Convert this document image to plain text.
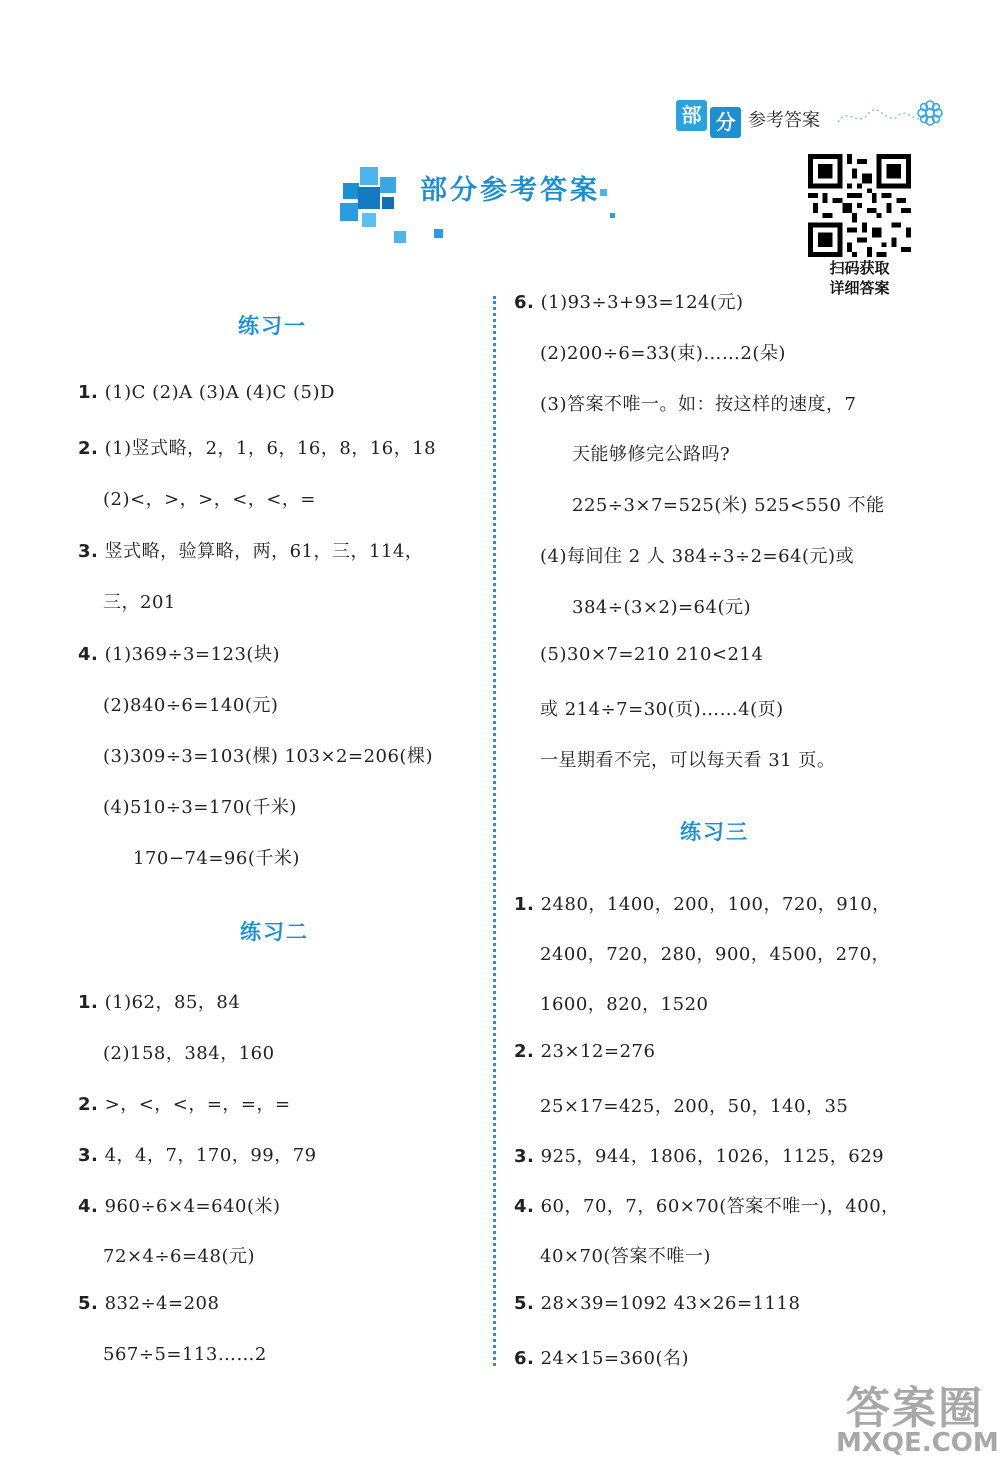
部 分 参考答案
部分参考答案
扫码获取
详细答案
练习一
1. (1)C (2)A (3)A (4)C (5)D
2. (1)竖式略，2，1，6，16，8，16，18
(2)<，>，>，<，<，=
3. 竖式略，验算略，两，61，三，114，
三，201
4. (1)369÷3=123(块)
(2)840÷6=140(元)
(3)309÷3=103(棵) 103×2=206(棵)
(4)510÷3=170(千米)
170−74=96(千米)
练习二
1. (1)62，85，84
(2)158，384，160
2. >，<，<，=，=，=
3. 4，4，7，170，99，79
4. 960÷6×4=640(米)
72×4÷6=48(元)
5. 832÷4=208
567÷5=113……2
6. (1)93÷3+93=124(元)
(2)200÷6=33(束)……2(朵)
(3)答案不唯一。如：按这样的速度，7
天能够修完公路吗?
225÷3×7=525(米) 525<550 不能
(4)每间住 2 人 384÷3÷2=64(元)或
384÷(3×2)=64(元)
(5)30×7=210 210<214
或 214÷7=30(页)……4(页)
一星期看不完，可以每天看 31 页。
练习三
1. 2480，1400，200，100，720，910，
2400，720，280，900，4500，270，
1600，820，1520
2. 23×12=276
25×17=425，200，50，140，35
3. 925，944，1806，1026，1125，629
4. 60，70，7，60×70(答案不唯一)，400，
40×70(答案不唯一)
5. 28×39=1092 43×26=1118
6. 24×15=360(名)
答案圈
MXQE.COM
